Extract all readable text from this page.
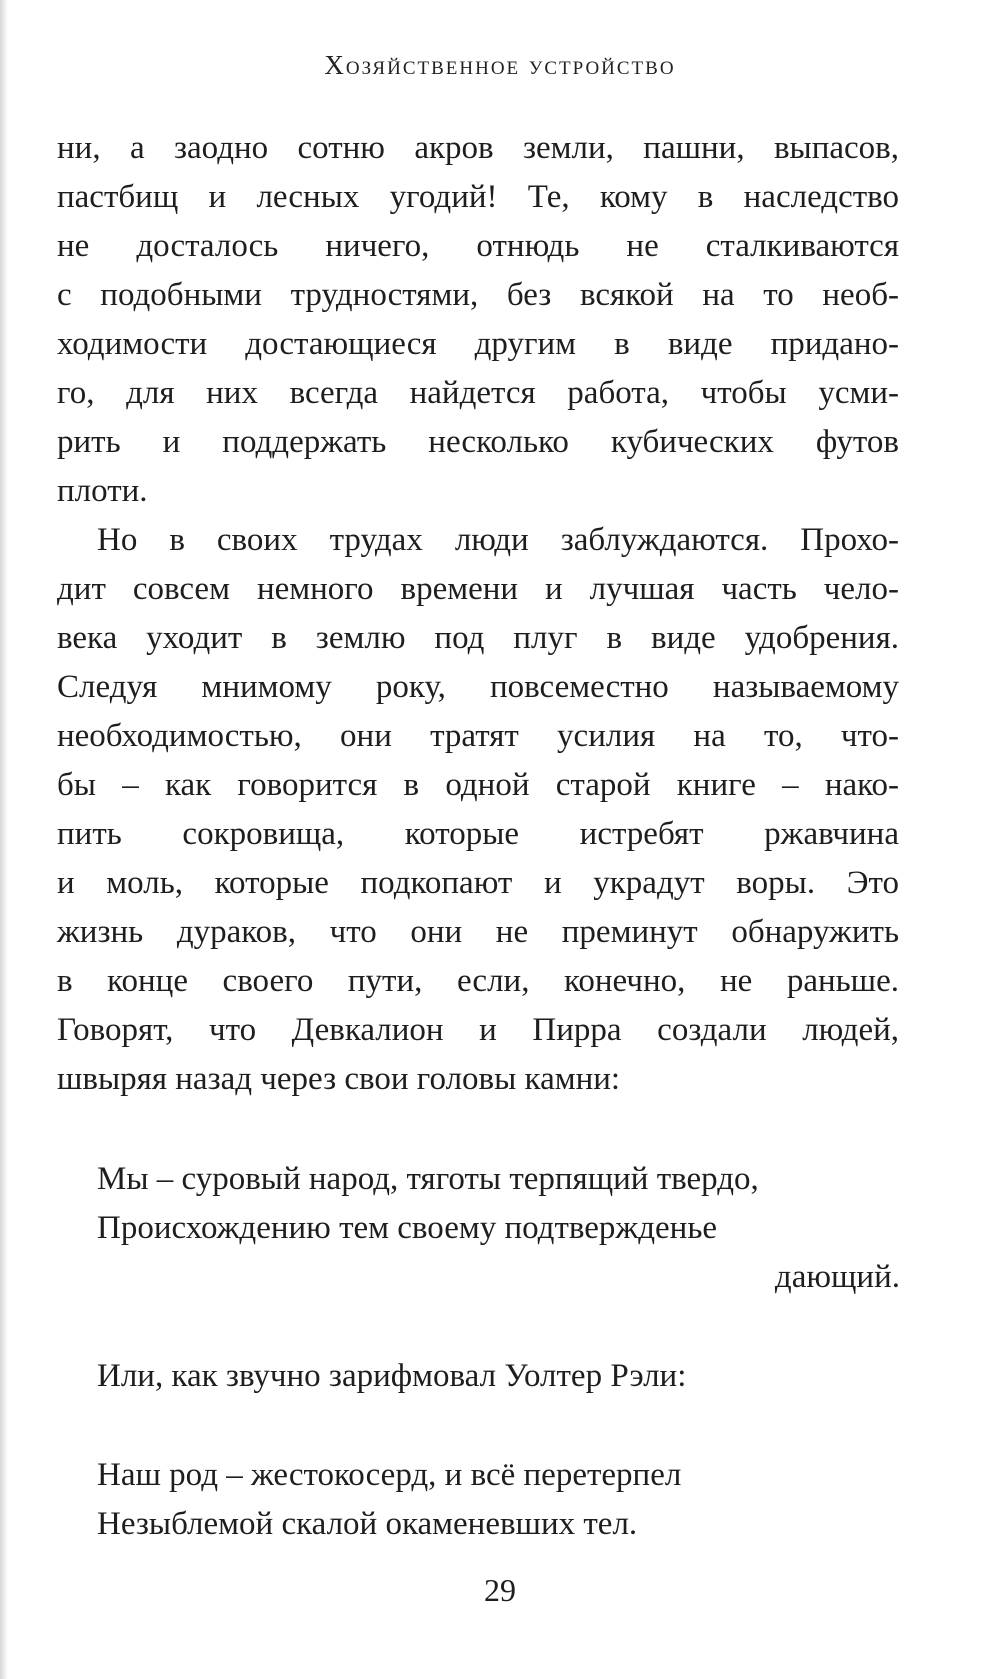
Хозяйственное устройство
ни, а заодно сотню акров земли, пашни, выпасов,
пастбищ и лесных угодий! Те, кому в наследство
не досталось ничего, отнюдь не сталкиваются
с подобными трудностями, без всякой на то необ-
ходимости достающиеся другим в виде придано-
го, для них всегда найдется работа, чтобы усми-
рить и поддержать несколько кубических футов
плоти.
Но в своих трудах люди заблуждаются. Прохо-
дит совсем немного времени и лучшая часть чело-
века уходит в землю под плуг в виде удобрения.
Следуя мнимому року, повсеместно называемому
необходимостью, они тратят усилия на то, что-
бы – как говорится в одной старой книге – нако-
пить сокровища, которые истребят ржавчина
и моль, которые подкопают и украдут воры. Это
жизнь дураков, что они не преминут обнаружить
в конце своего пути, если, конечно, не раньше.
Говорят, что Девкалион и Пирра создали людей,
швыряя назад через свои головы камни:
Мы – суровый народ, тяготы терпящий твердо,
Происхождению тем своему подтвержденье
дающий.
Или, как звучно зарифмовал Уолтер Рэли:
Наш род – жестокосерд, и всё перетерпел
Незыблемой скалой окаменевших тел.
29
